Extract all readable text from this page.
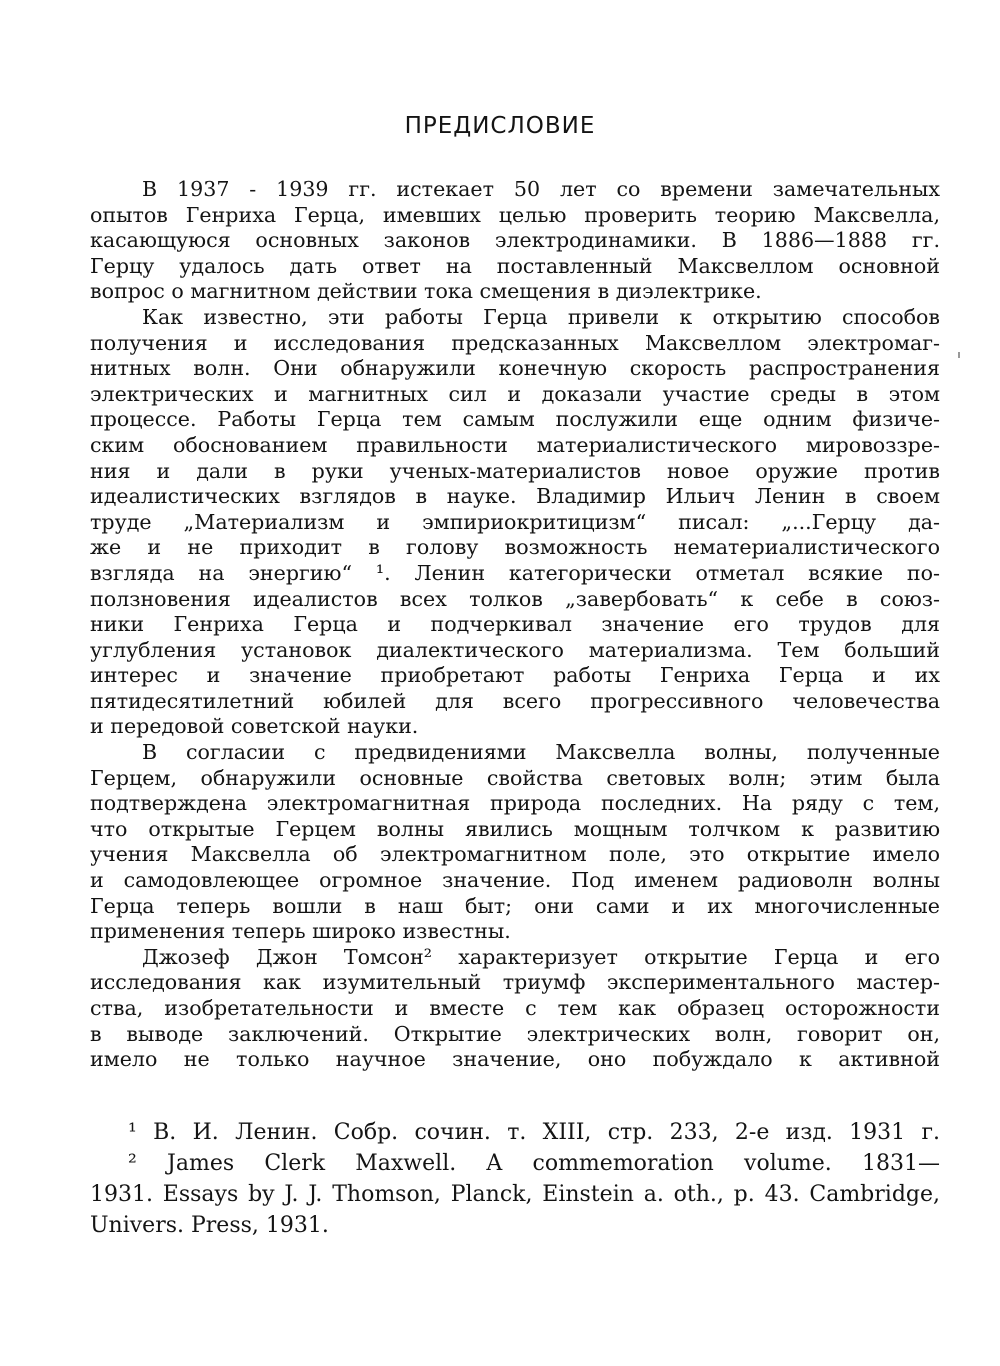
ПРЕДИСЛОВИЕ
В 1937 - 1939 гг. истекает 50 лет со времени замечательных
опытов Генриха Герца, имевших целью проверить теорию Максвелла,
касающуюся основных законов электродинамики. В 1886—1888 гг.
Герцу удалось дать ответ на поставленный Максвеллом основной
вопрос о магнитном действии тока смещения в диэлектрике.
Как известно, эти работы Герца привели к открытию способов
получения и исследования предсказанных Максвеллом электромаг-
нитных волн. Они обнаружили конечную скорость распространения
электрических и магнитных сил и доказали участие среды в этом
процессе. Работы Герца тем самым послужили еще одним физиче-
ским обоснованием правильности материалистического мировоззре-
ния и дали в руки ученых-материалистов новое оружие против
идеалистических взглядов в науке. Владимир Ильич Ленин в своем
труде „Материализм и эмпириокритицизм“ писал: „...Герцу да-
же и не приходит в голову возможность нематериалистического
взгляда на энергию“ ¹. Ленин категорически отметал всякие по-
ползновения идеалистов всех толков „завербовать“ к себе в союз-
ники Генриха Герца и подчеркивал значение его трудов для
углубления установок диалектического материализма. Тем больший
интерес и значение приобретают работы Генриха Герца и их
пятидесятилетний юбилей для всего прогрессивного человечества
и передовой советской науки.
В согласии с предвидениями Максвелла волны, полученные
Герцем, обнаружили основные свойства световых волн; этим была
подтверждена электромагнитная природа последних. На ряду с тем,
что открытые Герцем волны явились мощным толчком к развитию
учения Максвелла об электромагнитном поле, это открытие имело
и самодовлеющее огромное значение. Под именем радиоволн волны
Герца теперь вошли в наш быт; они сами и их многочисленные
применения теперь широко известны.
Джозеф Джон Томсон² характеризует открытие Герца и его
исследования как изумительный триумф экспериментального мастер-
ства, изобретательности и вместе с тем как образец осторожности
в выводе заключений. Открытие электрических волн, говорит он,
имело не только научное значение, оно побуждало к активной
¹ В. И. Ленин. Собр. сочин. т. XIII, стр. 233, 2-е изд. 1931 г.
² James Clerk Maxwell. A commemoration volume. 1831—
1931. Essays by J. J. Thomson, Planck, Einstein a. oth., p. 43. Cambridge,
Univers. Press, 1931.
